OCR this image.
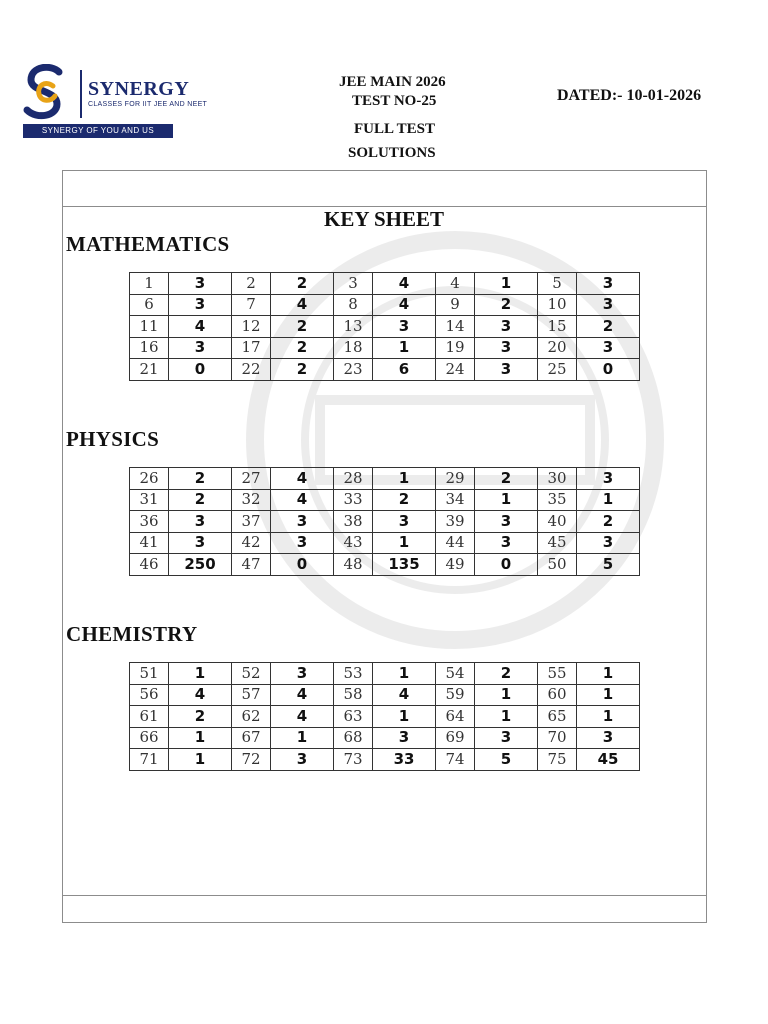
SYNERGY
CLASSES FOR IIT JEE AND NEET
SYNERGY OF YOU AND US
JEE MAIN 2026
TEST NO-25
FULL TEST
SOLUTIONS
DATED:- 10-01-2026
KEY SHEET
MATHEMATICS
1	3	2	2	3	4	4	1	5	3
6	3	7	4	8	4	9	2	10	3
11	4	12	2	13	3	14	3	15	2
16	3	17	2	18	1	19	3	20	3
21	0	22	2	23	6	24	3	25	0
PHYSICS
26	2	27	4	28	1	29	2	30	3
31	2	32	4	33	2	34	1	35	1
36	3	37	3	38	3	39	3	40	2
41	3	42	3	43	1	44	3	45	3
46	250	47	0	48	135	49	0	50	5
CHEMISTRY
51	1	52	3	53	1	54	2	55	1
56	4	57	4	58	4	59	1	60	1
61	2	62	4	63	1	64	1	65	1
66	1	67	1	68	3	69	3	70	3
71	1	72	3	73	33	74	5	75	45
